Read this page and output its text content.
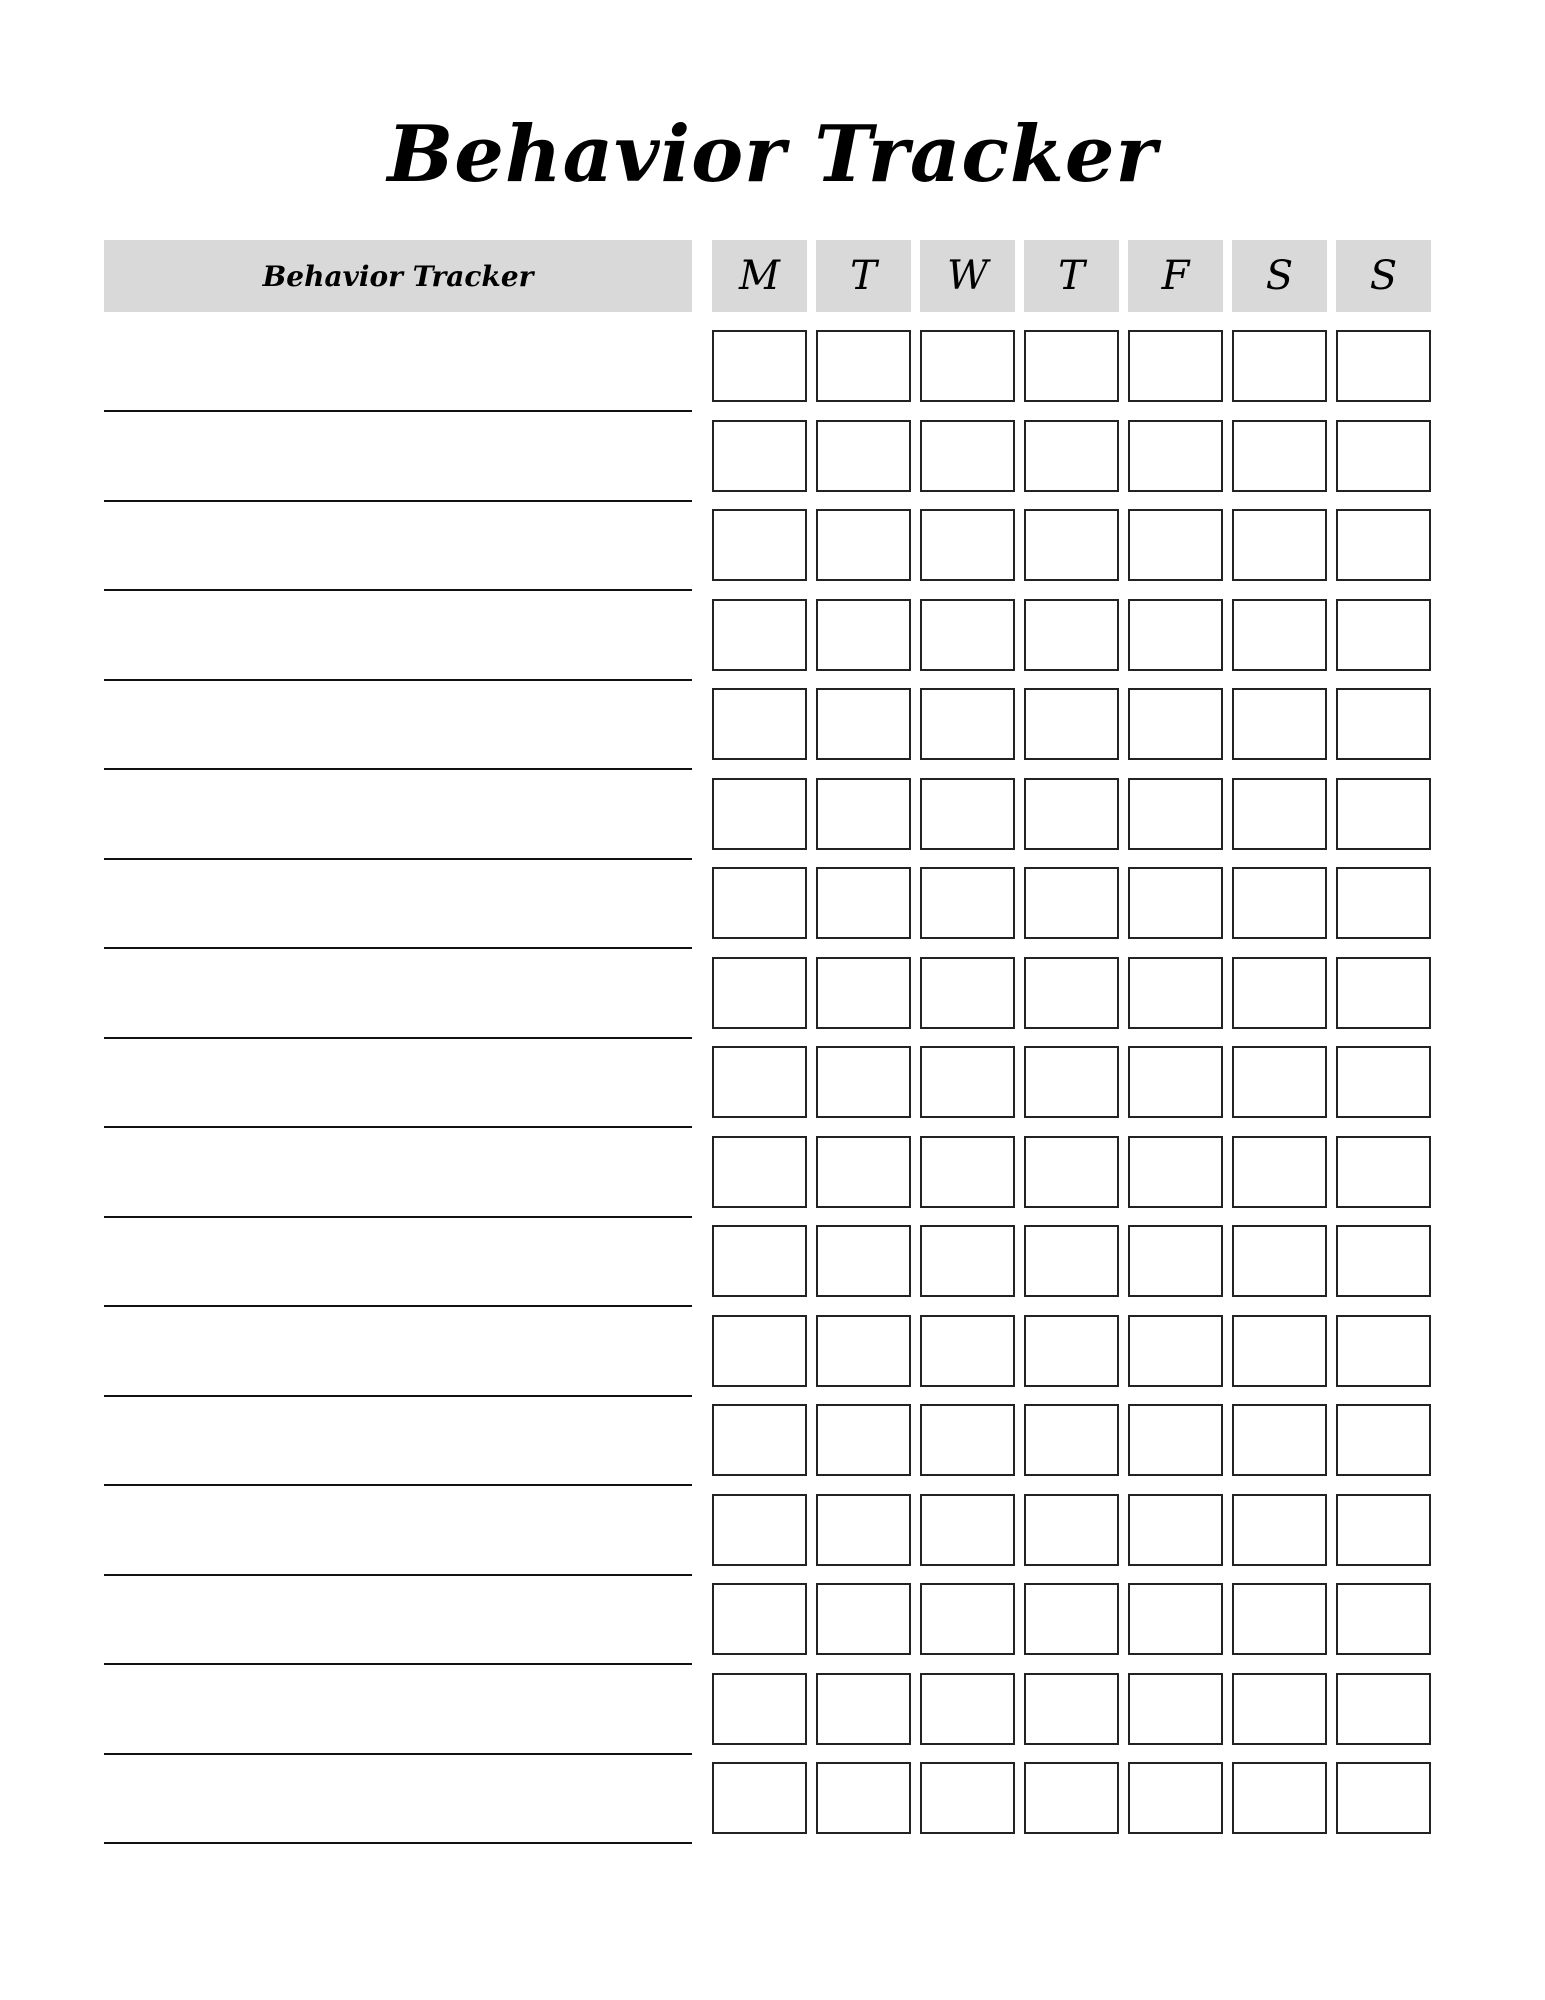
Behavior Tracker
Behavior Tracker	M	T	W	T	F	S	S
